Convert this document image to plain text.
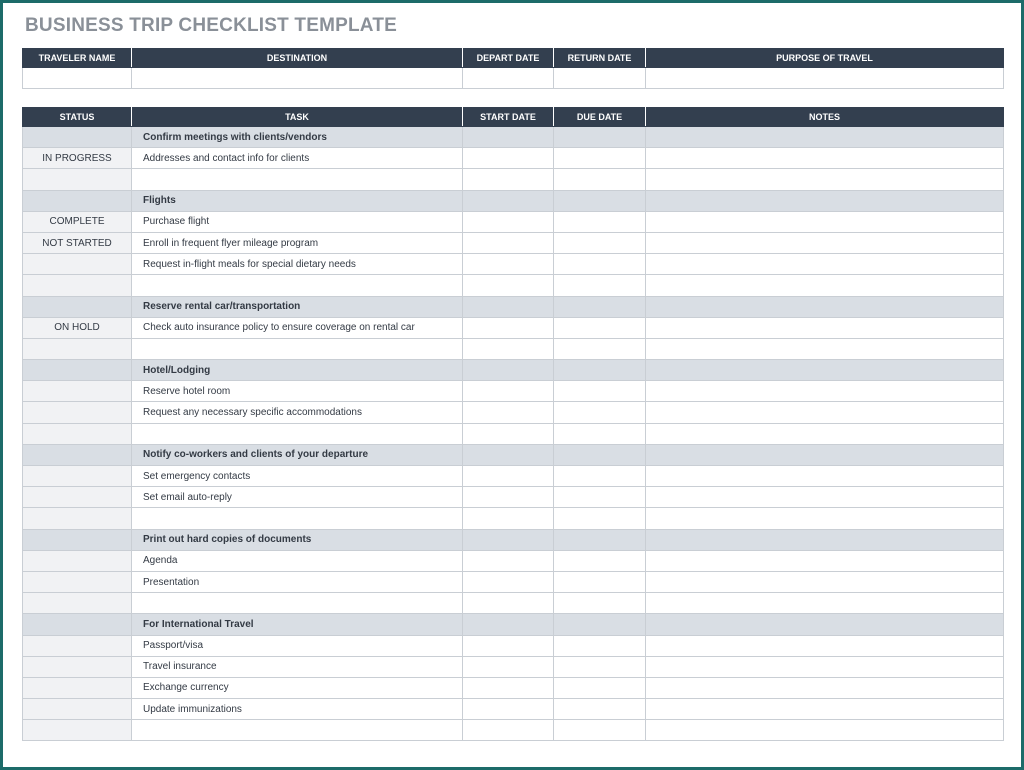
BUSINESS TRIP CHECKLIST TEMPLATE
TRAVELER NAME	DESTINATION	DEPART DATE	RETURN DATE	PURPOSE OF TRAVEL

STATUS	TASK	START DATE	DUE DATE	NOTES
	Confirm meetings with clients/vendors			
IN PROGRESS	Addresses and contact info for clients			

	Flights			
COMPLETE	Purchase flight			
NOT STARTED	Enroll in frequent flyer mileage program			
	Request in-flight meals for special dietary needs			

	Reserve rental car/transportation			
ON HOLD	Check auto insurance policy to ensure coverage on rental car			

	Hotel/Lodging			
	Reserve hotel room			
	Request any necessary specific accommodations			

	Notify co-workers and clients of your departure			
	Set emergency contacts			
	Set email auto-reply			

	Print out hard copies of documents			
	Agenda			
	Presentation			

	For International Travel			
	Passport/visa			
	Travel insurance			
	Exchange currency			
	Update immunizations			
